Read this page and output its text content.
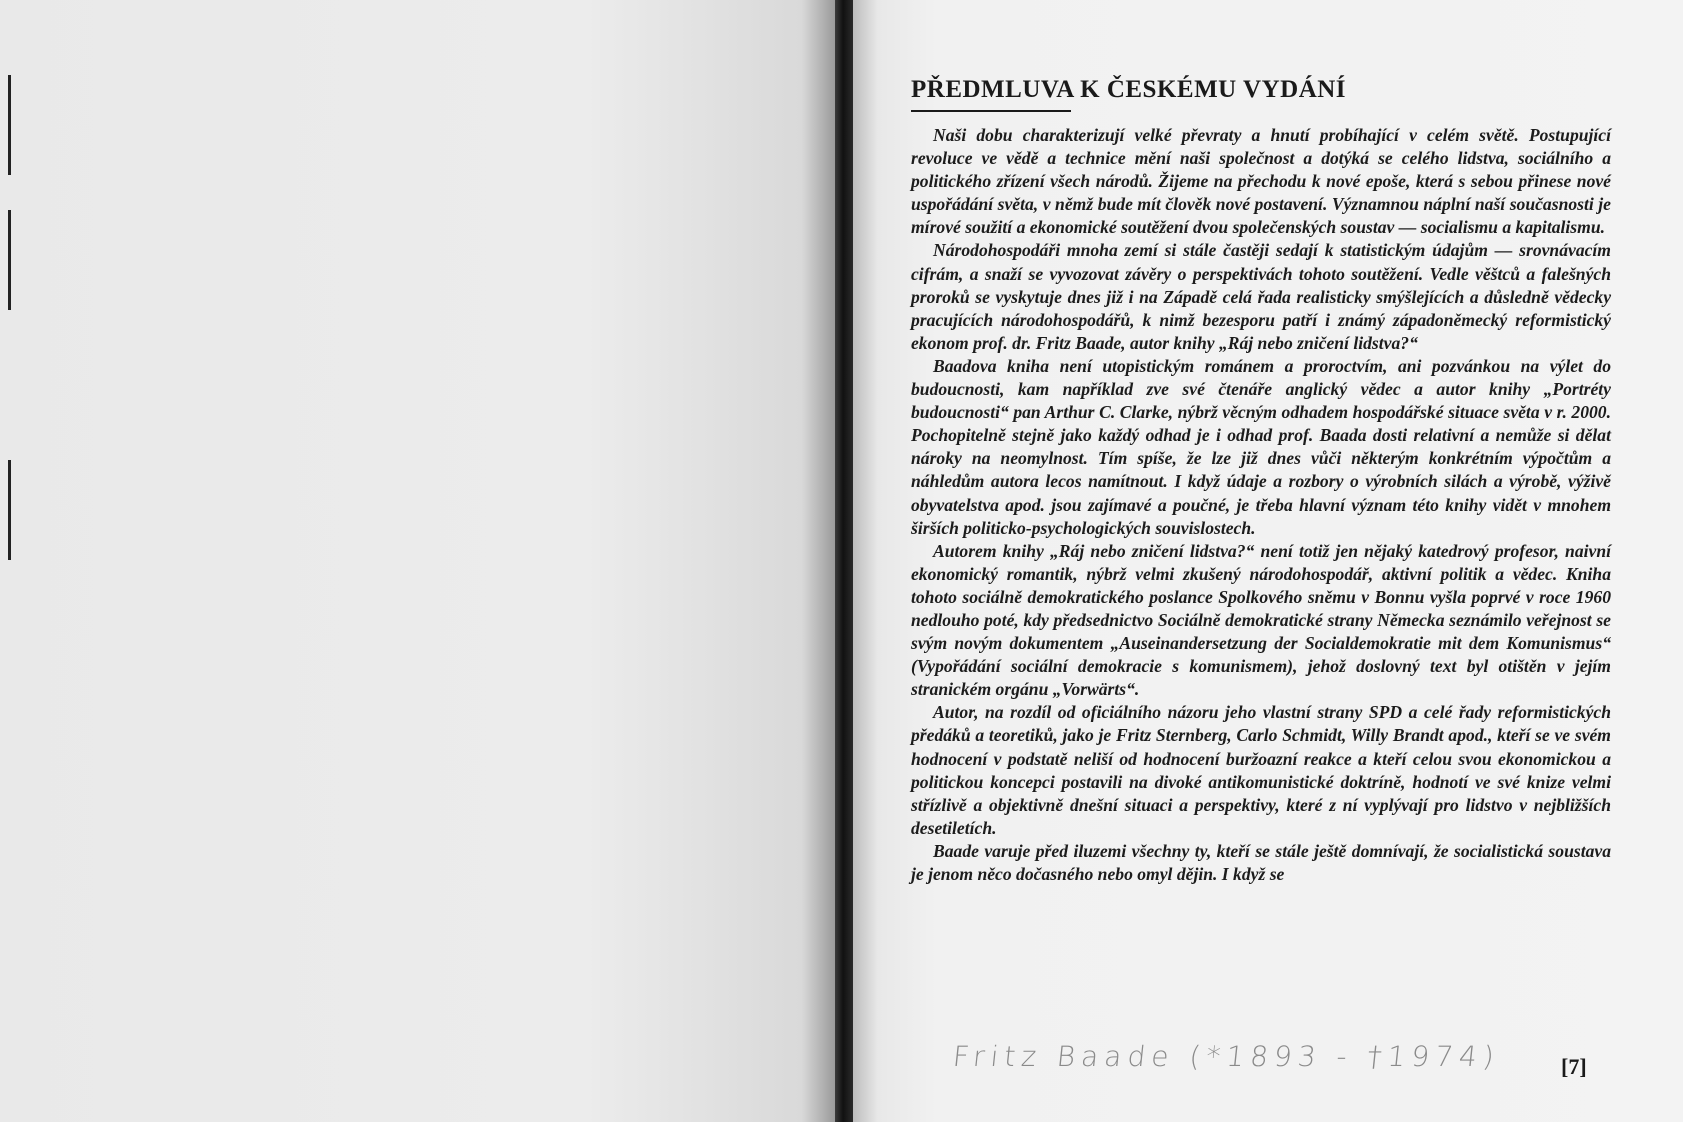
PŘEDMLUVA K ČESKÉMU VYDÁNÍ

Naši dobu charakterizují velké převraty a hnutí probíhající v celém světě. Postupující revoluce ve vědě a technice mění naši společnost a dotýká se celého lidstva, sociálního a politického zřízení všech národů. Žijeme na přechodu k nové epoše, která s sebou přinese nové uspořádání světa, v němž bude mít člověk nové postavení. Významnou náplní naší současnosti je mírové soužití a ekonomické soutěžení dvou společenských soustav — socialismu a kapitalismu.

Národohospodáři mnoha zemí si stále častěji sedají k statistickým údajům — srovnávacím cifrám, a snaží se vyvozovat závěry o perspektivách tohoto soutěžení. Vedle věštců a falešných proroků se vyskytuje dnes již i na Západě celá řada realisticky smýšlejících a důsledně vědecky pracujících národohospodářů, k nimž bezesporu patří i známý západoněmecký reformistický ekonom prof. dr. Fritz Baade, autor knihy „Ráj nebo zničení lidstva?“

Baadova kniha není utopistickým románem a proroctvím, ani pozvánkou na výlet do budoucnosti, kam například zve své čtenáře anglický vědec a autor knihy „Portréty budoucnosti“ pan Arthur C. Clarke, nýbrž věcným odhadem hospodářské situace světa v r. 2000. Pochopitelně stejně jako každý odhad je i odhad prof. Baada dosti relativní a nemůže si dělat nároky na neomylnost. Tím spíše, že lze již dnes vůči některým konkrétním výpočtům a náhledům autora lecos namítnout. I když údaje a rozbory o výrobních silách a výrobě, výživě obyvatelstva apod. jsou zajímavé a poučné, je třeba hlavní význam této knihy vidět v mnohem širších politicko-psychologických souvislostech.

Autorem knihy „Ráj nebo zničení lidstva?“ není totiž jen nějaký katedrový profesor, naivní ekonomický romantik, nýbrž velmi zkušený národohospodář, aktivní politik a vědec. Kniha tohoto sociálně demokratického poslance Spolkového sněmu v Bonnu vyšla poprvé v roce 1960 nedlouho poté, kdy předsednictvo Sociálně demokratické strany Německa seznámilo veřejnost se svým novým dokumentem „Auseinandersetzung der Socialdemokratie mit dem Komunismus“ (Vypořádání sociální demokracie s komunismem), jehož doslovný text byl otištěn v jejím stranickém orgánu „Vorwärts“.

Autor, na rozdíl od oficiálního názoru jeho vlastní strany SPD a celé řady reformistických předáků a teoretiků, jako je Fritz Sternberg, Carlo Schmidt, Willy Brandt apod., kteří se ve svém hodnocení v podstatě neliší od hodnocení buržoazní reakce a kteří celou svou ekonomickou a politickou koncepci postavili na divoké antikomunistické doktríně, hodnotí ve své knize velmi střízlivě a objektivně dnešní situaci a perspektivy, které z ní vyplývají pro lidstvo v nejbližších desetiletích.

Baade varuje před iluzemi všechny ty, kteří se stále ještě domnívají, že socialistická soustava je jenom něco dočasného nebo omyl dějin. I když se

Fritz Baade (*1893 - †1974)	[7]
